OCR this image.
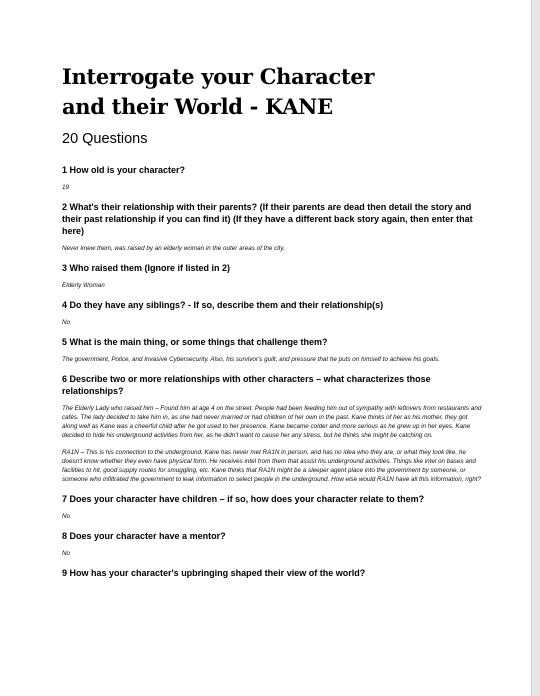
Interrogate your Character
and their World - KANE

20 Questions

1 How old is your character?

19

2 What's their relationship with their parents? (If their parents are dead then detail the story and their past relationship if you can find it) (If they have a different back story again, then enter that here)

Never knew them, was raised by an elderly woman in the outer areas of the city.

3 Who raised them (Ignore if listed in 2)

Elderly Woman

4 Do they have any siblings? - If so, describe them and their relationship(s)

No

5 What is the main thing, or some things that challenge them?

The government, Police, and Invasive Cybersecurity. Also, his survivor's guilt, and pressure that he puts on himself to achieve his goals.

6 Describe two or more relationships with other characters – what characterizes those relationships?

The Elderly Lady who raised him – Found him at age 4 on the street. People had been feeding him out of sympathy with leftovers from restaurants and cafés. The lady decided to take him in, as she had never married or had children of her own in the past. Kane thinks of her as his mother, they got along well as Kane was a cheerful child after he got used to her presence. Kane became colder and more serious as he grew up in her eyes. Kane decided to hide his underground activities from her, as he didn't want to cause her any stress, but he thinks she might be catching on.

RA1N – This is his connection to the underground. Kane has never met RA1N in person, and has no idea who they are, or what they look like, he doesn't know whether they even have physical form. He receives intel from them that assist his underground activities. Things like intel on bases and facilities to hit, good supply routes for smuggling, etc. Kane thinks that RA1N might be a sleeper agent place into the government by someone, or someone who infiltrated the government to leak information to select people in the underground. How else would RA1N have all this information, right?

7 Does your character have children – if so, how does your character relate to them?

No

8 Does your character have a mentor?

No

9 How has your character's upbringing shaped their view of the world?
